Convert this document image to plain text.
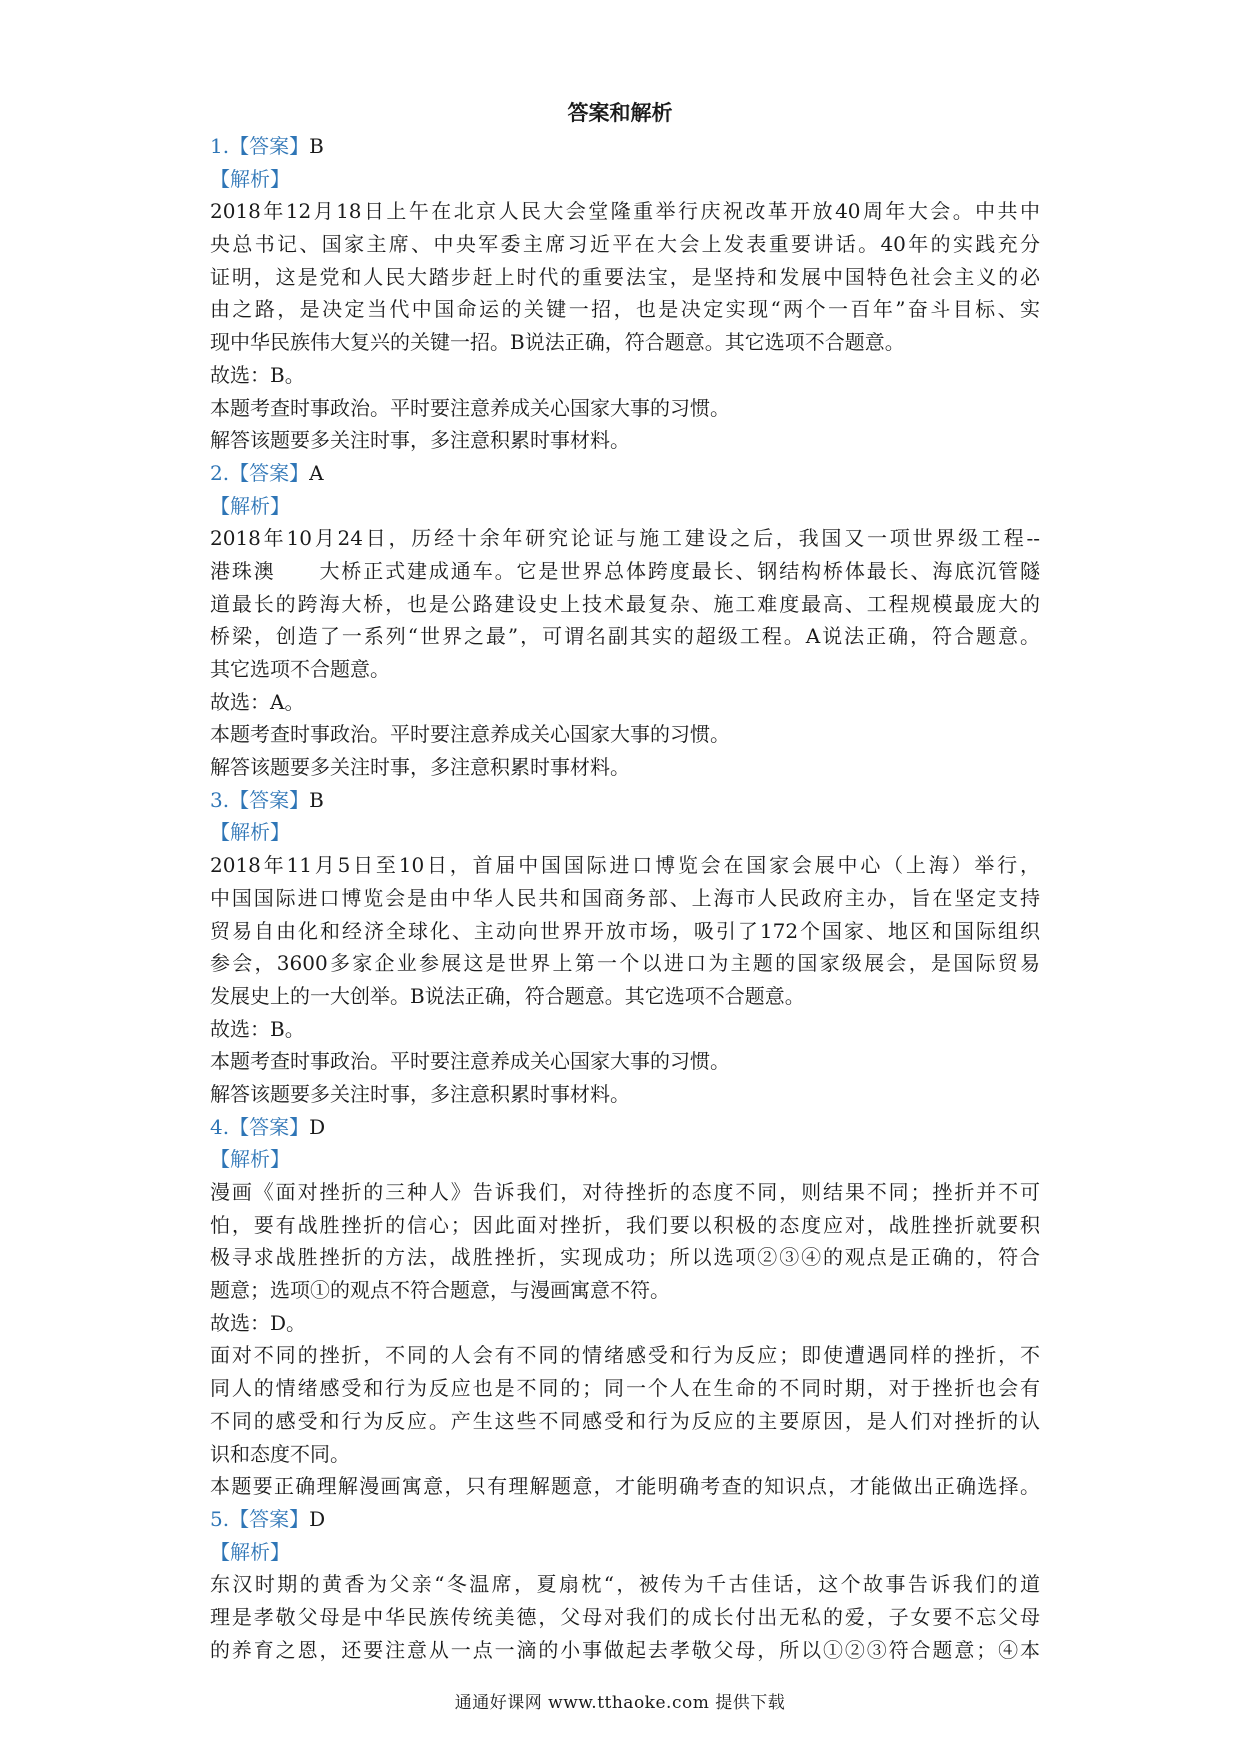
答案和解析
1.【答案】B
【解析】
2018年12月18日上午在北京人民大会堂隆重举行庆祝改革开放40周年大会。中共中
央总书记、国家主席、中央军委主席习近平在大会上发表重要讲话。40年的实践充分
证明，这是党和人民大踏步赶上时代的重要法宝，是坚持和发展中国特色社会主义的必
由之路，是决定当代中国命运的关键一招，也是决定实现“两个一百年”奋斗目标、实
现中华民族伟大复兴的关键一招。B说法正确，符合题意。其它选项不合题意。
故选：B。
本题考查时事政治。平时要注意养成关心国家大事的习惯。
解答该题要多关注时事，多注意积累时事材料。
2.【答案】A
【解析】
2018年10月24日，历经十余年研究论证与施工建设之后，我国又一项世界级工程--
港珠澳　　大桥正式建成通车。它是世界总体跨度最长、钢结构桥体最长、海底沉管隧
道最长的跨海大桥，也是公路建设史上技术最复杂、施工难度最高、工程规模最庞大的
桥梁，创造了一系列“世界之最”，可谓名副其实的超级工程。A说法正确，符合题意。
其它选项不合题意。
故选：A。
本题考查时事政治。平时要注意养成关心国家大事的习惯。
解答该题要多关注时事，多注意积累时事材料。
3.【答案】B
【解析】
2018年11月5日至10日，首届中国国际进口博览会在国家会展中心（上海）举行，
中国国际进口博览会是由中华人民共和国商务部、上海市人民政府主办，旨在坚定支持
贸易自由化和经济全球化、主动向世界开放市场，吸引了172个国家、地区和国际组织
参会，3600多家企业参展这是世界上第一个以进口为主题的国家级展会，是国际贸易
发展史上的一大创举。B说法正确，符合题意。其它选项不合题意。
故选：B。
本题考查时事政治。平时要注意养成关心国家大事的习惯。
解答该题要多关注时事，多注意积累时事材料。
4.【答案】D
【解析】
漫画《面对挫折的三种人》告诉我们，对待挫折的态度不同，则结果不同；挫折并不可
怕，要有战胜挫折的信心；因此面对挫折，我们要以积极的态度应对，战胜挫折就要积
极寻求战胜挫折的方法，战胜挫折，实现成功；所以选项②③④的观点是正确的，符合
题意；选项①的观点不符合题意，与漫画寓意不符。
故选：D。
面对不同的挫折，不同的人会有不同的情绪感受和行为反应；即使遭遇同样的挫折，不
同人的情绪感受和行为反应也是不同的；同一个人在生命的不同时期，对于挫折也会有
不同的感受和行为反应。产生这些不同感受和行为反应的主要原因，是人们对挫折的认
识和态度不同。
本题要正确理解漫画寓意，只有理解题意，才能明确考查的知识点，才能做出正确选择。
5.【答案】D
【解析】
东汉时期的黄香为父亲“冬温席，夏扇枕“，被传为千古佳话，这个故事告诉我们的道
理是孝敬父母是中华民族传统美德，父母对我们的成长付出无私的爱，子女要不忘父母
的养育之恩，还要注意从一点一滴的小事做起去孝敬父母，所以①②③符合题意；④本
通通好课网 www.tthaoke.com 提供下载
